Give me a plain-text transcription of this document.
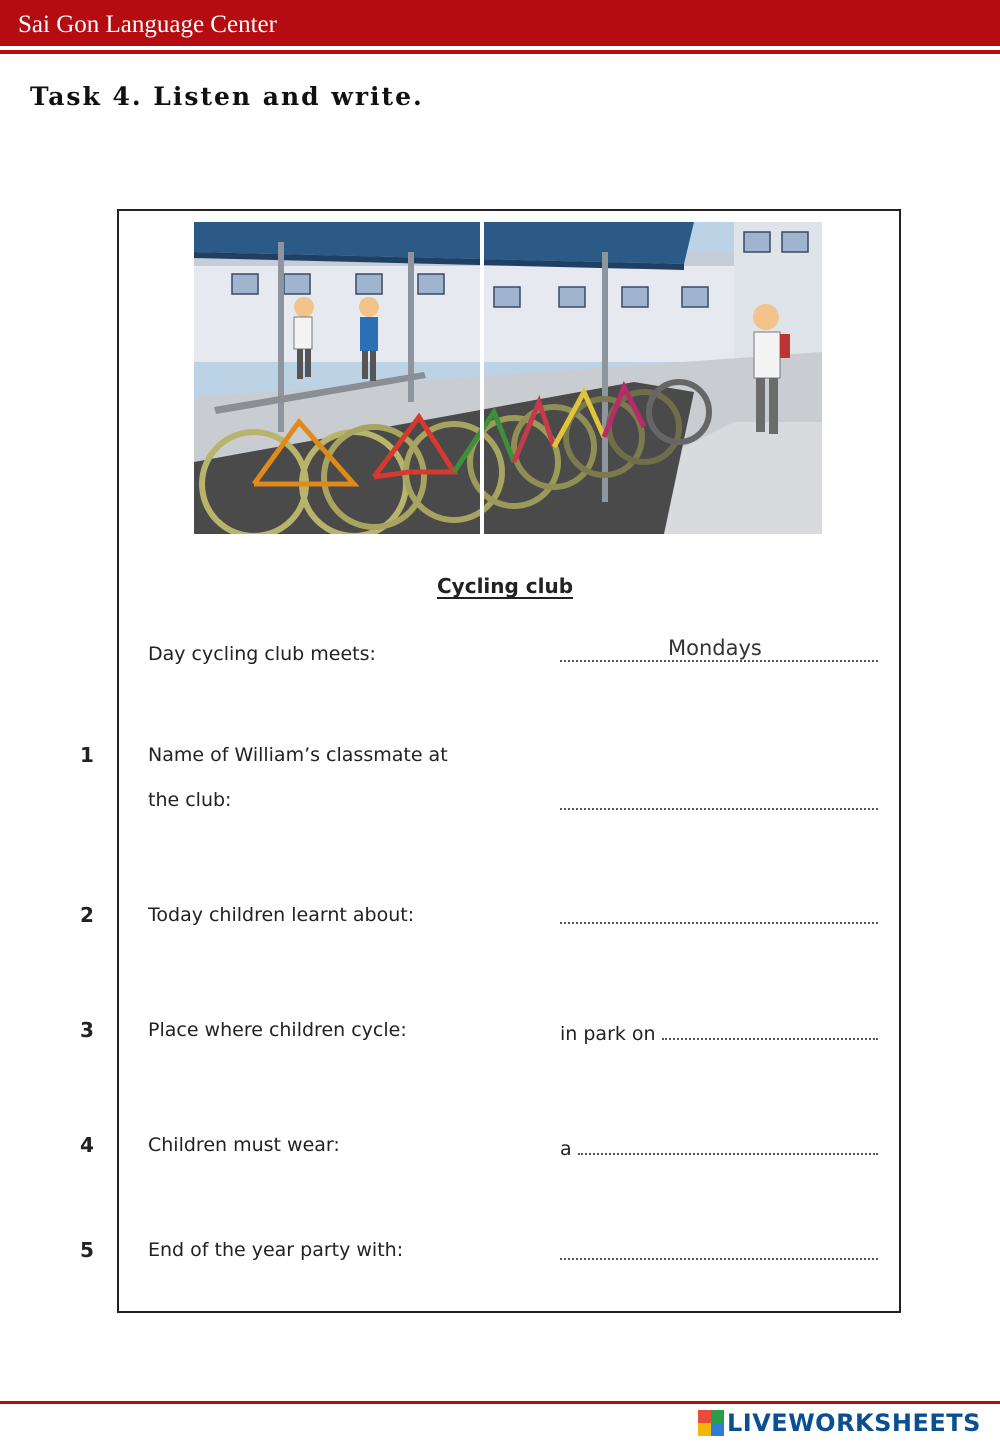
Sai Gon Language Center
Task 4. Listen and write.
Cycling club
Day cycling club meets:	Mondays
1	Name of William’s classmate at
the club:
2	Today children learnt about:
3	Place where children cycle:	in park on
4	Children must wear:	a
5	End of the year party with:
LIVEWORKSHEETS
